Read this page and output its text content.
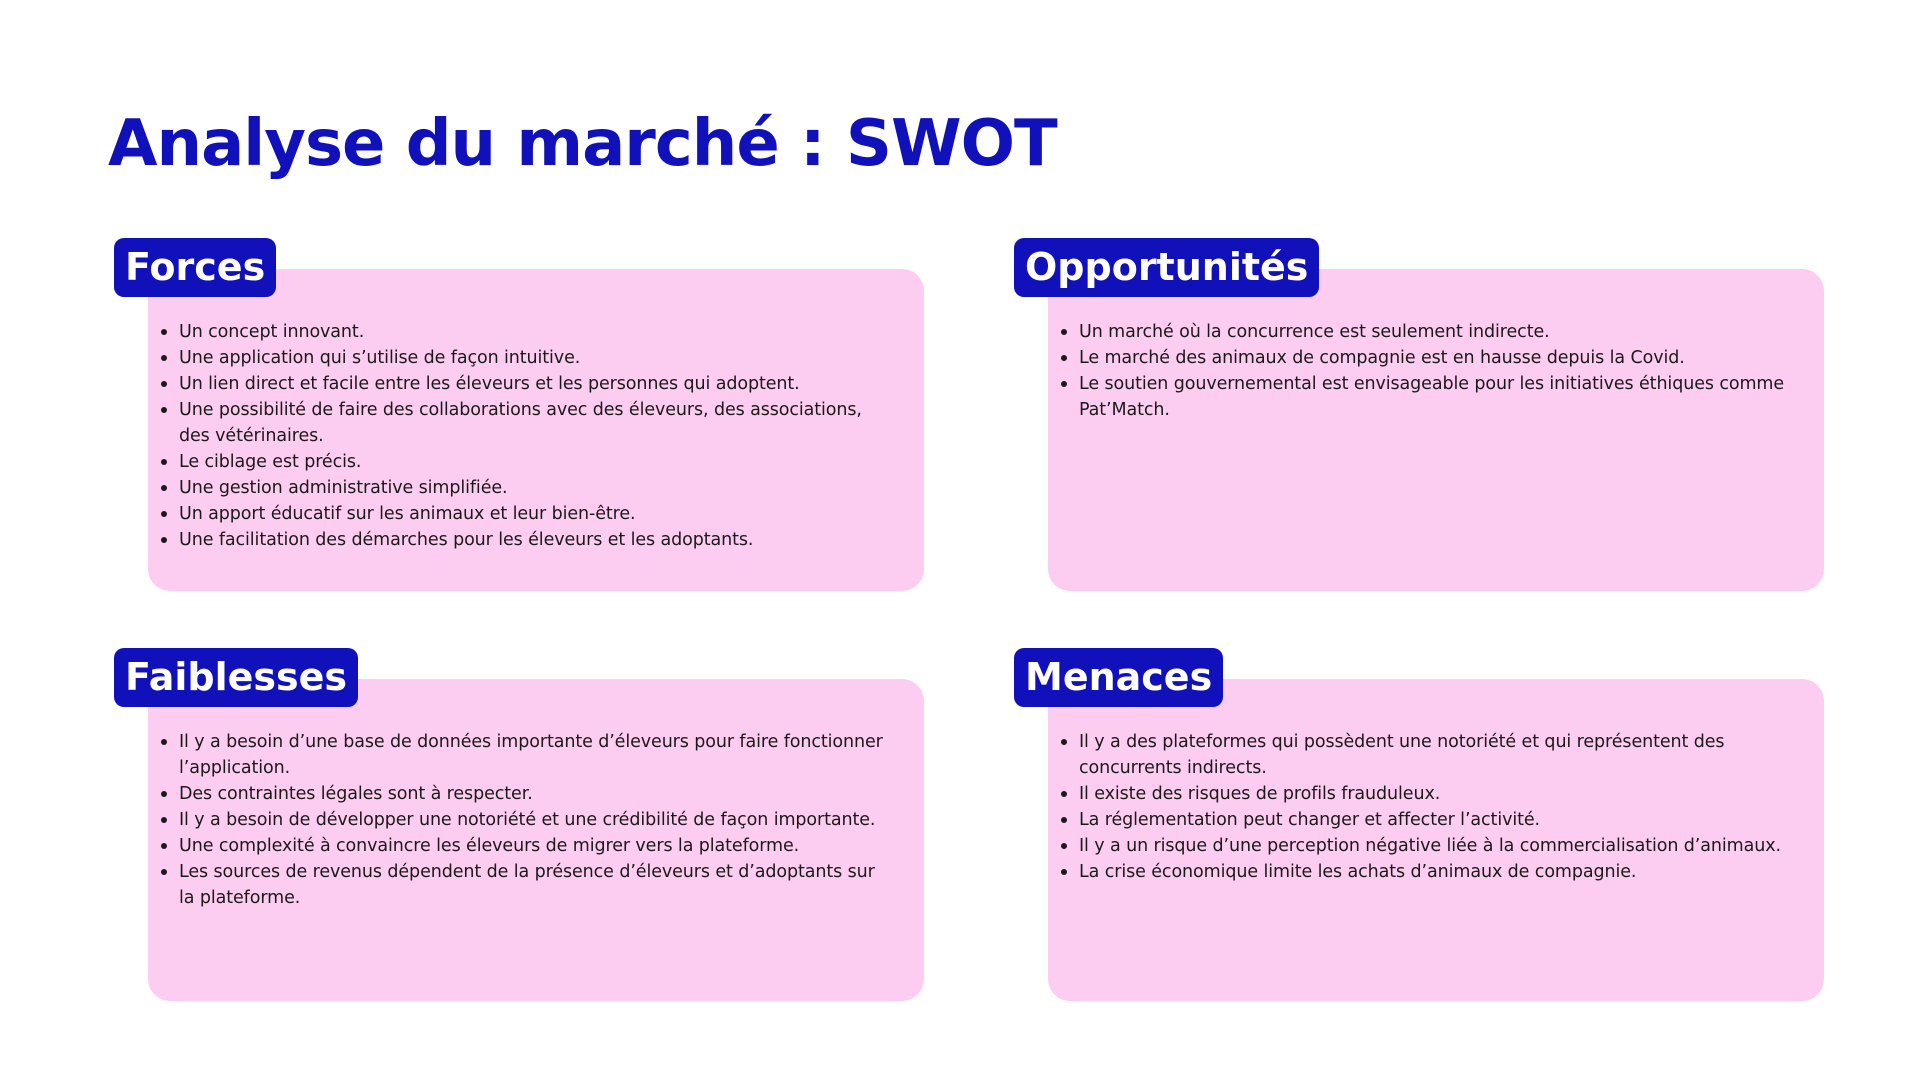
Analyse du marché : SWOT
Forces
Un concept innovant.
Une application qui s’utilise de façon intuitive.
Un lien direct et facile entre les éleveurs et les personnes qui adoptent.
Une possibilité de faire des collaborations avec des éleveurs, des associations, des vétérinaires.
Le ciblage est précis.
Une gestion administrative simplifiée.
Un apport éducatif sur les animaux et leur bien-être.
Une facilitation des démarches pour les éleveurs et les adoptants.
Opportunités
Un marché où la concurrence est seulement indirecte.
Le marché des animaux de compagnie est en hausse depuis la Covid.
Le soutien gouvernemental est envisageable pour les initiatives éthiques comme Pat’Match.
Faiblesses
Il y a besoin d’une base de données importante d’éleveurs pour faire fonctionner l’application.
Des contraintes légales sont à respecter.
Il y a besoin de développer une notoriété et une crédibilité de façon importante.
Une complexité à convaincre les éleveurs de migrer vers la plateforme.
Les sources de revenus dépendent de la présence d’éleveurs et d’adoptants sur la plateforme.
Menaces
Il y a des plateformes qui possèdent une notoriété et qui représentent des concurrents indirects.
Il existe des risques de profils frauduleux.
La réglementation peut changer et affecter l’activité.
Il y a un risque d’une perception négative liée à la commercialisation d’animaux.
La crise économique limite les achats d’animaux de compagnie.
